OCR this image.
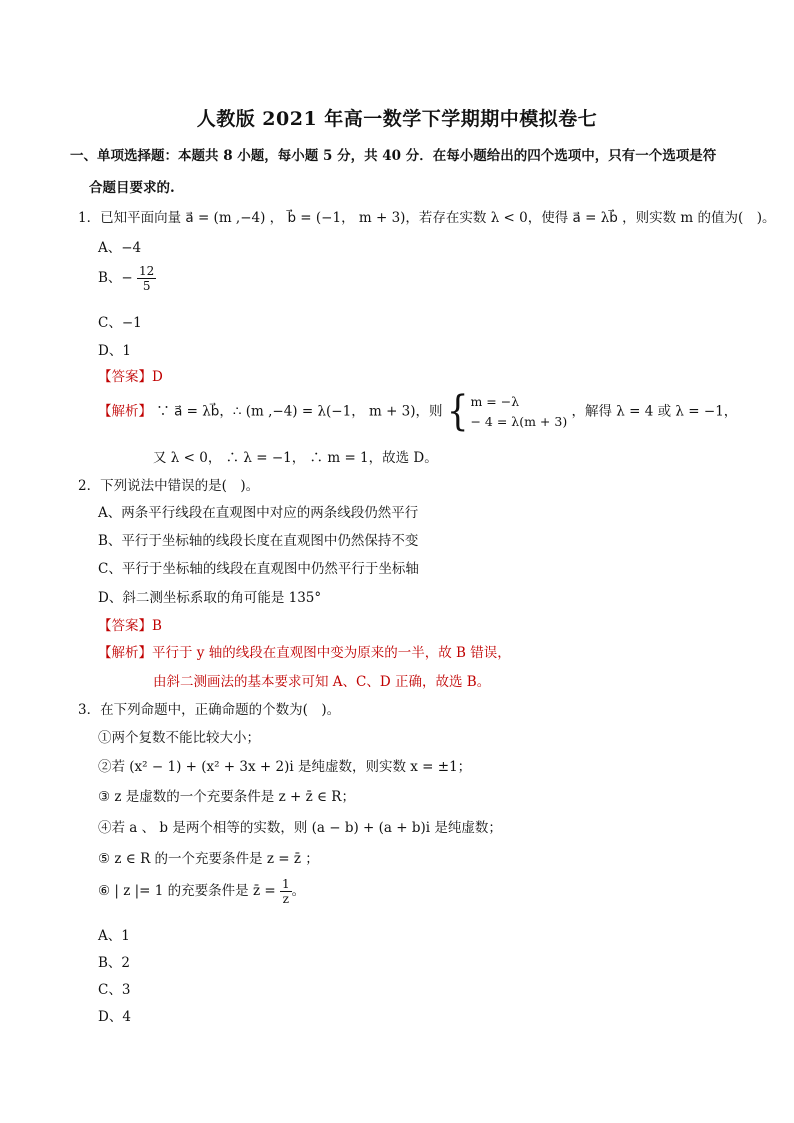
人教版 2021 年高一数学下学期期中模拟卷七
一、单项选择题：本题共 8 小题，每小题 5 分，共 40 分．在每小题给出的四个选项中，只有一个选项是符
合题目要求的.
1．已知平面向量 a⃗ = (m ,−4) ， b⃗ = (−1， m + 3)，若存在实数 λ < 0，使得 a⃗ = λb⃗ ，则实数 m 的值为(　)。
A、−4
B、− $\frac{12}{5}$
C、−1
D、1
【答案】D
【解析】 ∵ a⃗ = λb⃗，∴ (m ,−4) = λ(−1， m + 3)，则 { m = −λ
− 4 = λ(m + 3)
，解得 λ = 4 或 λ = −1，
又 λ < 0， ∴ λ = −1， ∴ m = 1，故选 D。
2．下列说法中错误的是(　)。
A、两条平行线段在直观图中对应的两条线段仍然平行
B、平行于坐标轴的线段长度在直观图中仍然保持不变
C、平行于坐标轴的线段在直观图中仍然平行于坐标轴
D、斜二测坐标系取的角可能是 135°
【答案】B
【解析】平行于 y 轴的线段在直观图中变为原来的一半，故 B 错误，
由斜二测画法的基本要求可知 A、C、D 正确，故选 B。
3．在下列命题中，正确命题的个数为(　)。
①两个复数不能比较大小；
②若 (x² − 1) + (x² + 3x + 2)i 是纯虚数，则实数 x = ±1；
③ z 是虚数的一个充要条件是 z + z̄ ∈ R；
④若 a 、 b 是两个相等的实数，则 (a − b) + (a + b)i 是纯虚数；
⑤ z ∈ R 的一个充要条件是 z = z̄ ；
⑥ | z |= 1 的充要条件是 z̄ = $\frac{1}{z}$ 。
A、1
B、2
C、3
D、4
